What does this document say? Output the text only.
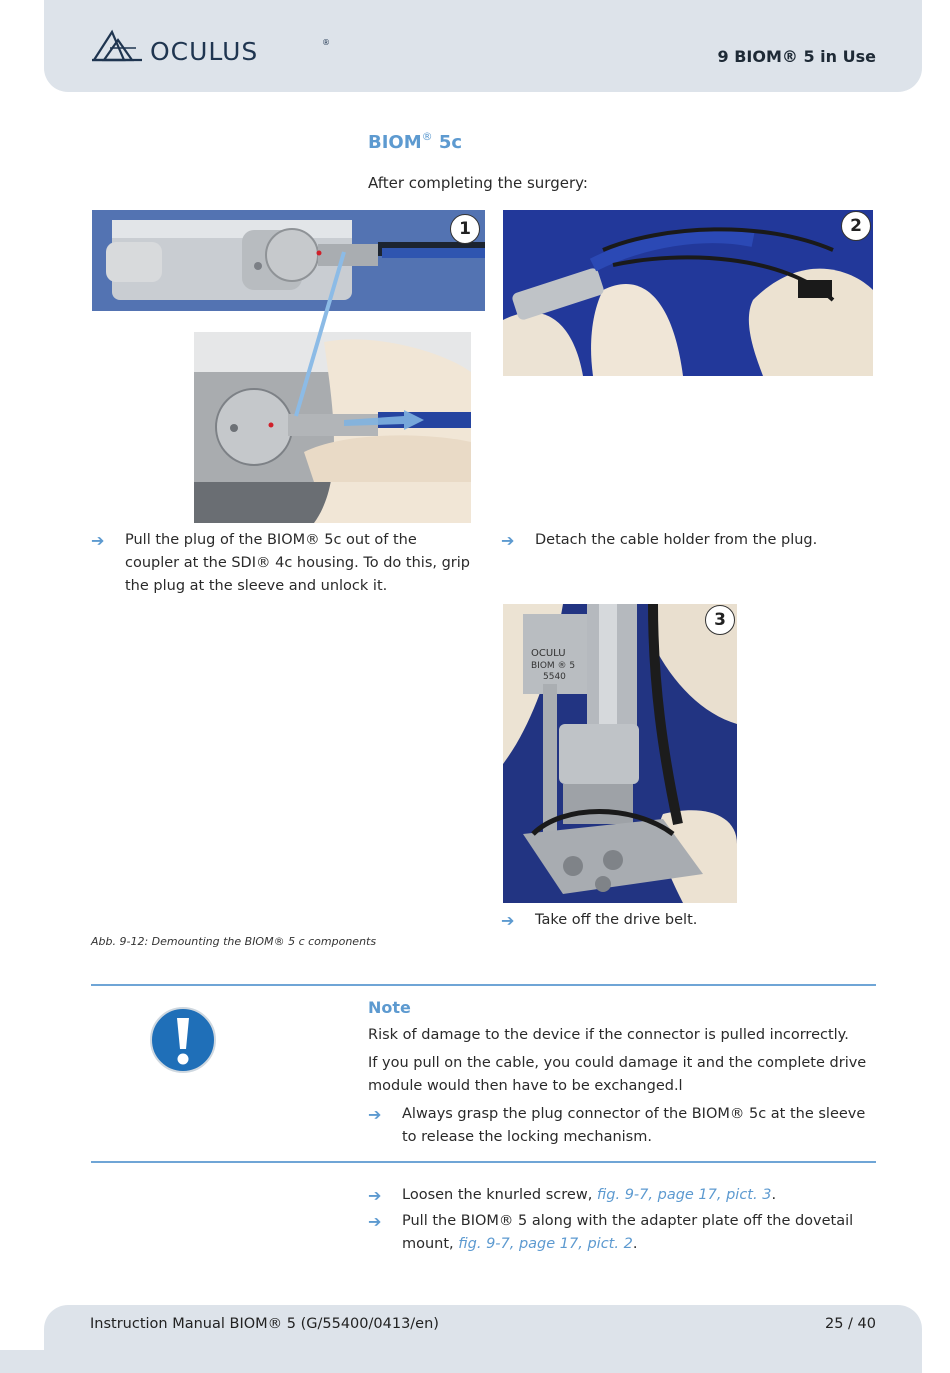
OCULUS	®
9 BIOM® 5 in Use
BIOM® 5c
After completing the surgery:
1	2
➔ Pull the plug of the BIOM® 5c out of the coupler at the SDI® 4c housing. To do this, grip the plug at the sleeve and unlock it.
➔ Detach the cable holder from the plug.
OCULU
BIOM ® 5
5540
3
➔ Take off the drive belt.
Abb. 9-12: Demounting the BIOM® 5 c components
Note
Risk of damage to the device if the connector is pulled incorrectly.
If you pull on the cable, you could damage it and the complete drive module would then have to be exchanged.l
➔ Always grasp the plug connector of the BIOM® 5c at the sleeve to release the locking mechanism.
➔ Loosen the knurled screw, fig. 9-7, page 17, pict. 3.
➔ Pull the BIOM® 5 along with the adapter plate off the dovetail mount, fig. 9-7, page 17, pict. 2.
Instruction Manual BIOM® 5 (G/55400/0413/en)	25 / 40
